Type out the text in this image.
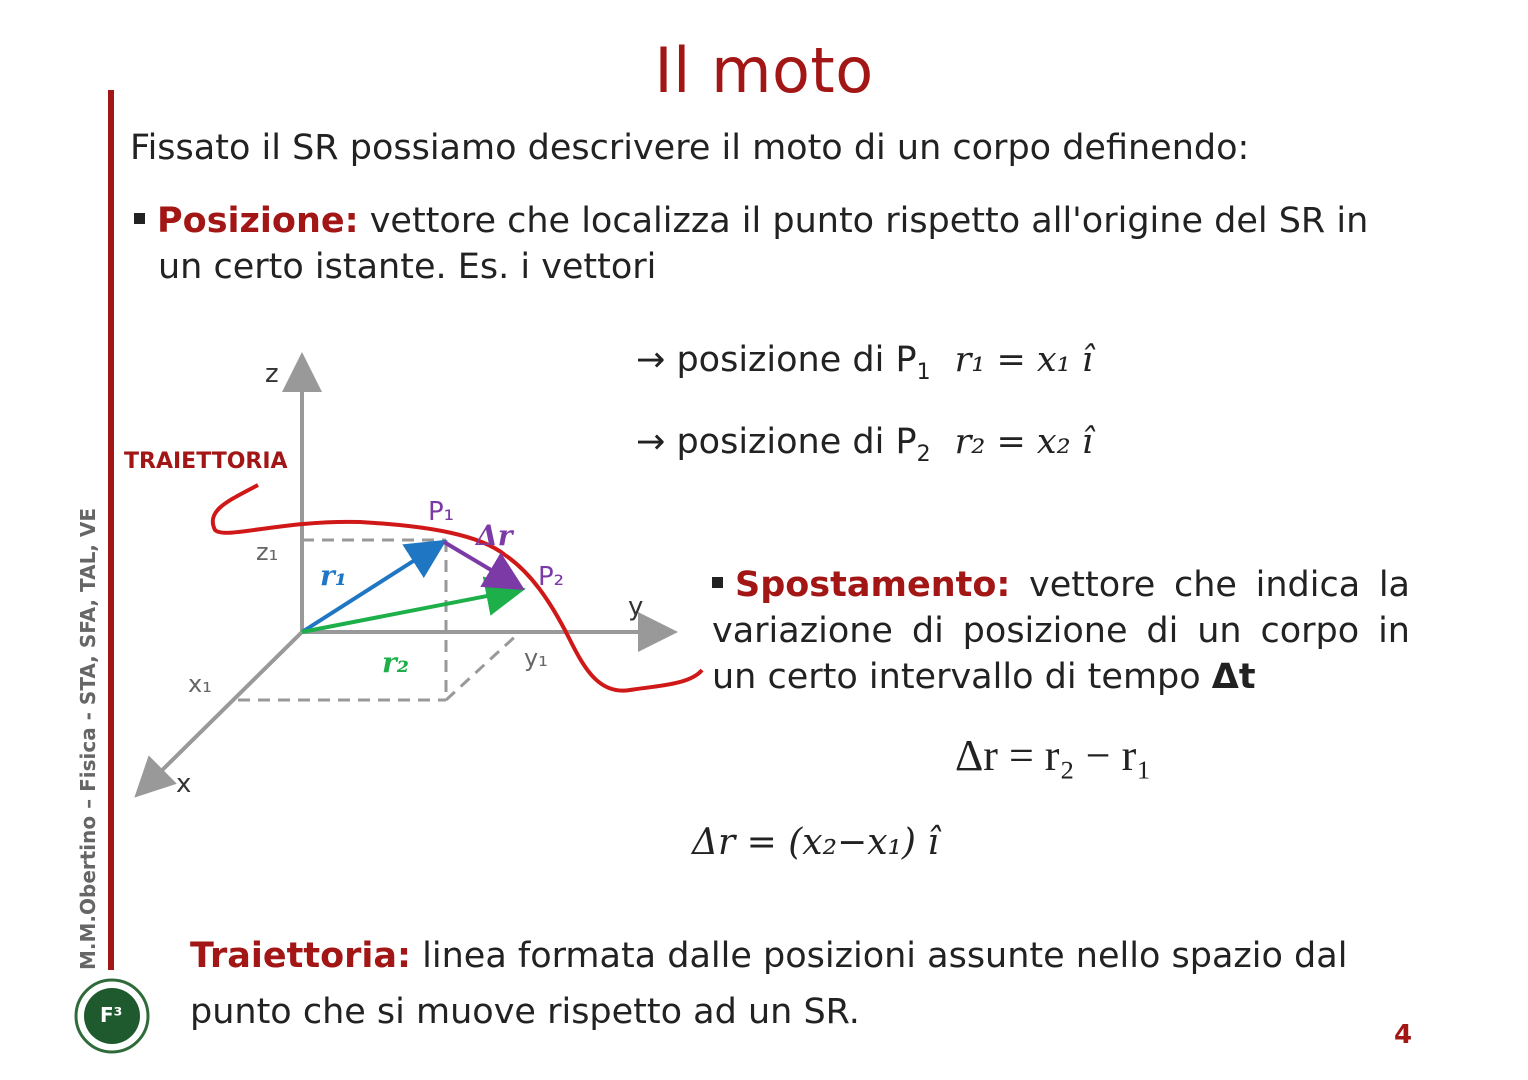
Il moto
M.M.Obertino – Fisica - STA, SFA, TAL, VE
Fissato il SR possiamo descrivere il moto di un corpo definendo:
Posizione: vettore che localizza il punto rispetto all'origine del SR in
un certo istante. Es. i vettori
→ posizione di $P_1$ r₁ = x₁ î
→ posizione di $P_2$ r₂ = x₂ î
z
y
x
TRAIETTORIA
z₁
x₁
y₁
P₁
P₂
Δr
r₁
r₂
Spostamento: vettore che indica la variazione di posizione di un corpo in un certo intervallo di tempo Δt
Δr = r₂ − r₁
Δr = (x₂−x₁) î
Traiettoria: linea formata dalle posizioni assunte nello spazio dal punto che si muove rispetto ad un SR.
F³
4
